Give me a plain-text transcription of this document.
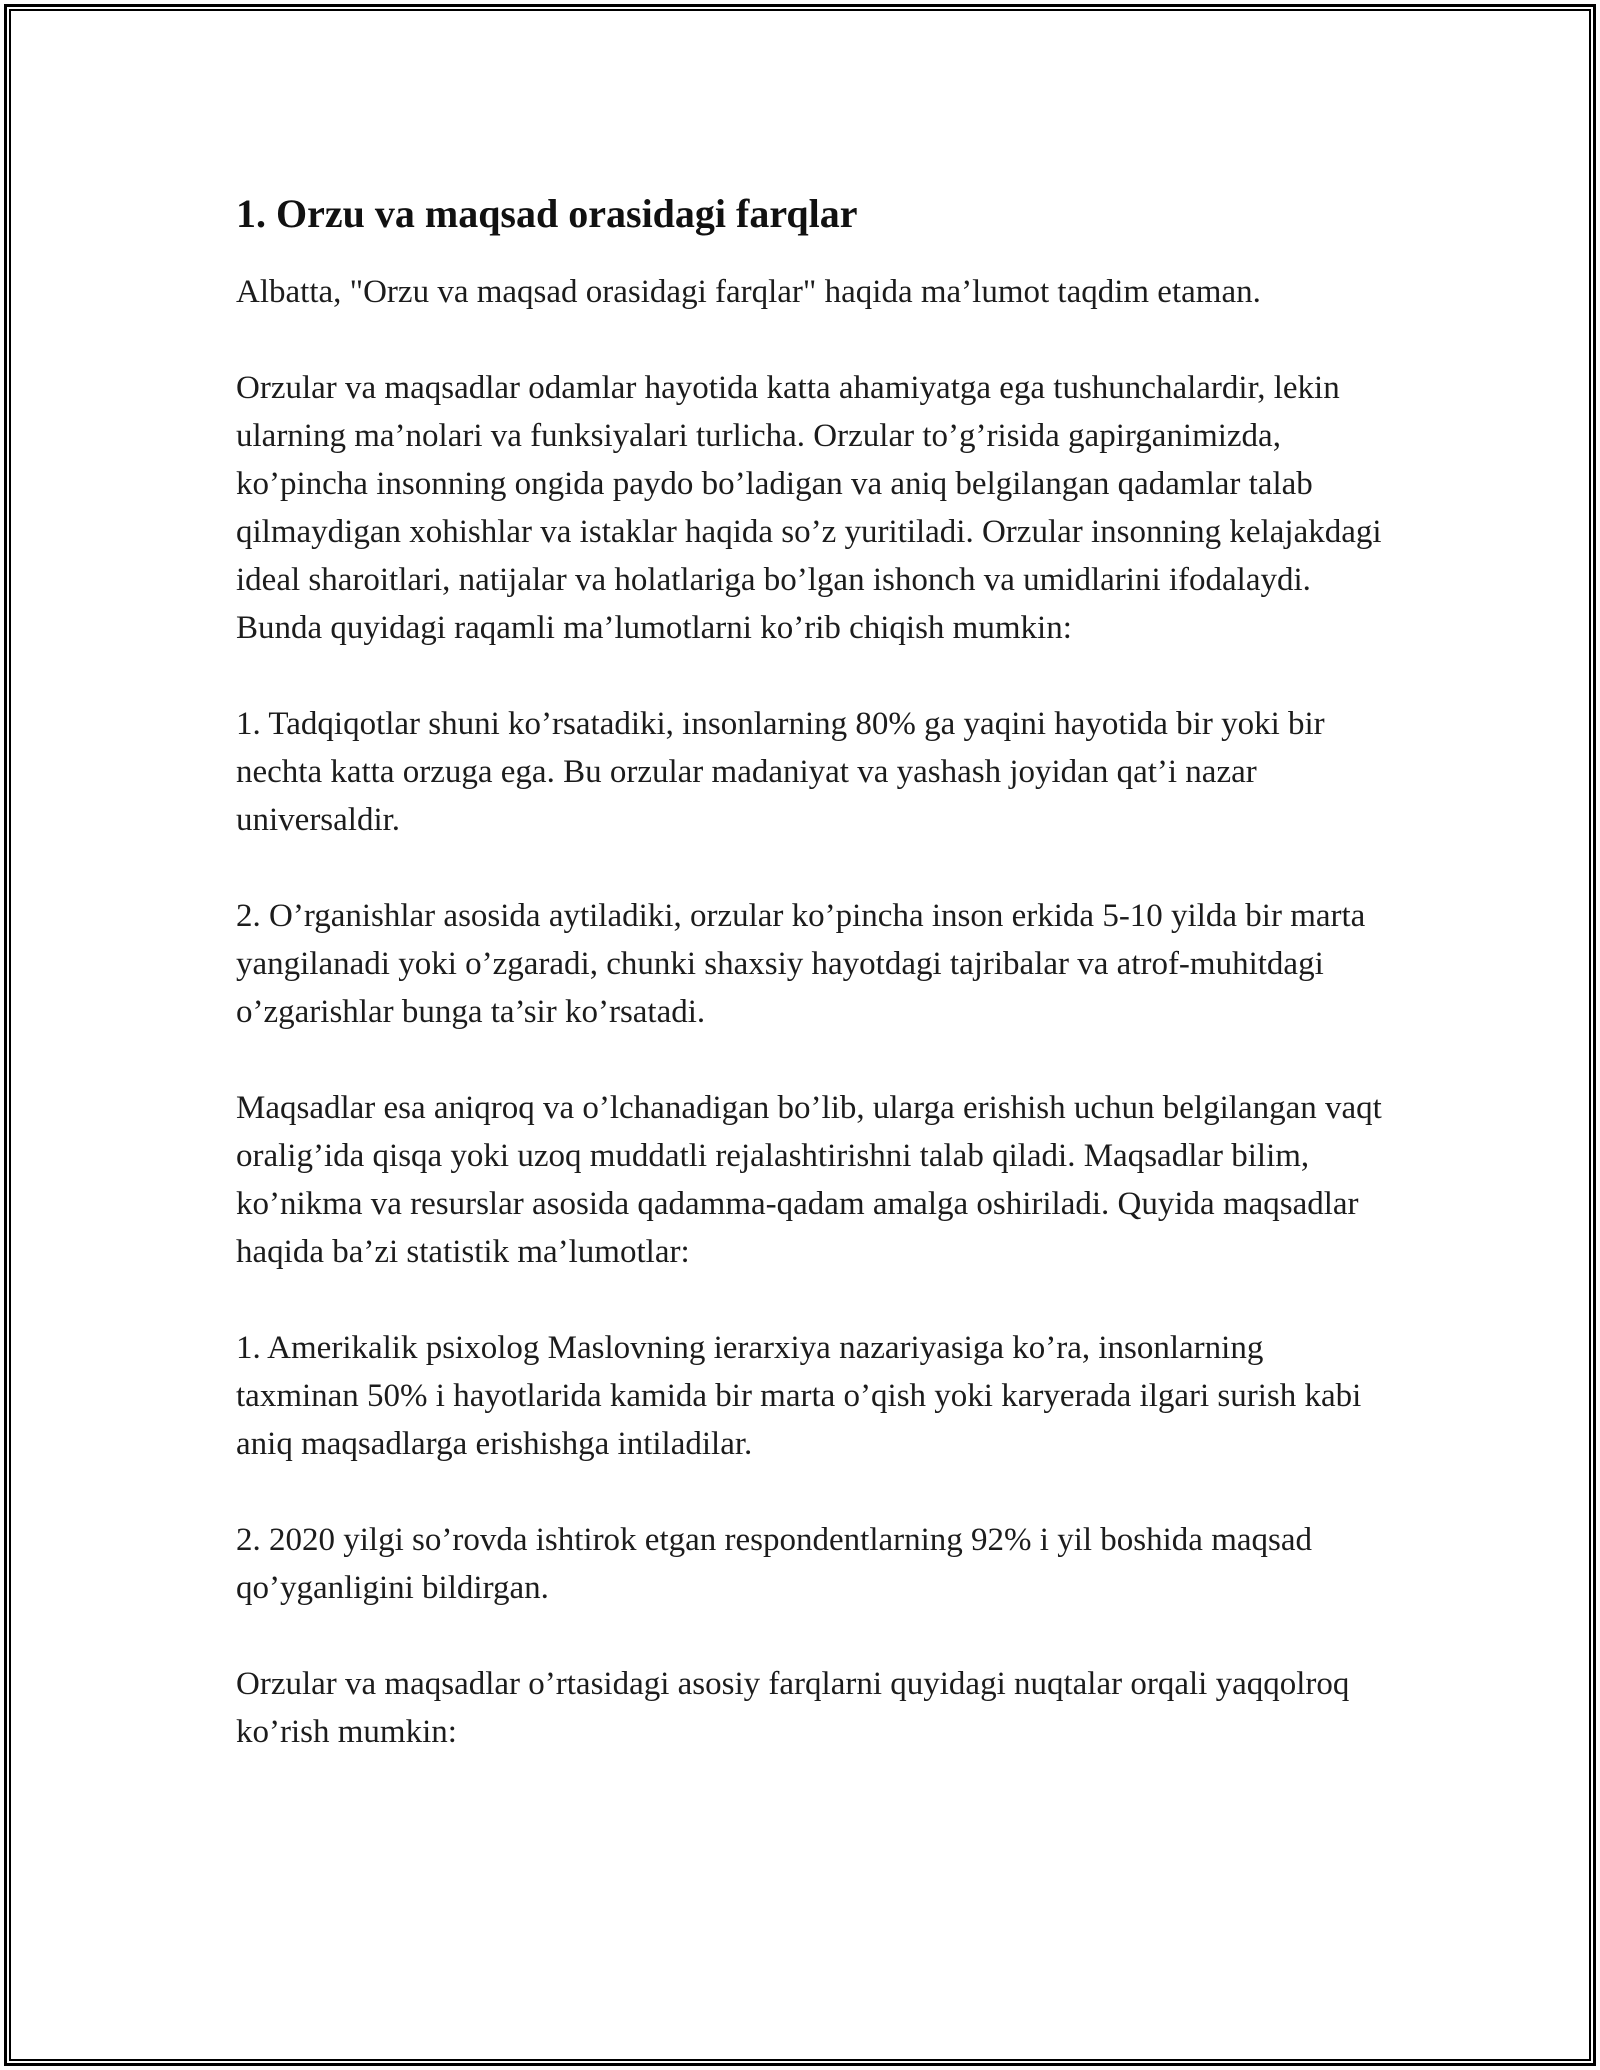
1. Orzu va maqsad orasidagi farqlar

Albatta, "Orzu va maqsad orasidagi farqlar" haqida ma’lumot taqdim etaman.

Orzular va maqsadlar odamlar hayotida katta ahamiyatga ega tushunchalardir, lekin ularning ma’nolari va funksiyalari turlicha. Orzular to’g’risida gapirganimizda, ko’pincha insonning ongida paydo bo’ladigan va aniq belgilangan qadamlar talab qilmaydigan xohishlar va istaklar haqida so’z yuritiladi. Orzular insonning kelajakdagi ideal sharoitlari, natijalar va holatlariga bo’lgan ishonch va umidlarini ifodalaydi. Bunda quyidagi raqamli ma’lumotlarni ko’rib chiqish mumkin:

1. Tadqiqotlar shuni ko’rsatadiki, insonlarning 80% ga yaqini hayotida bir yoki bir nechta katta orzuga ega. Bu orzular madaniyat va yashash joyidan qat’i nazar universaldir.

2. O’rganishlar asosida aytiladiki, orzular ko’pincha inson erkida 5-10 yilda bir marta yangilanadi yoki o’zgaradi, chunki shaxsiy hayotdagi tajribalar va atrof-muhitdagi o’zgarishlar bunga ta’sir ko’rsatadi.

Maqsadlar esa aniqroq va o’lchanadigan bo’lib, ularga erishish uchun belgilangan vaqt oralig’ida qisqa yoki uzoq muddatli rejalashtirishni talab qiladi. Maqsadlar bilim, ko’nikma va resurslar asosida qadamma-qadam amalga oshiriladi. Quyida maqsadlar haqida ba’zi statistik ma’lumotlar:

1. Amerikalik psixolog Maslovning ierarxiya nazariyasiga ko’ra, insonlarning taxminan 50% i hayotlarida kamida bir marta o’qish yoki karyerada ilgari surish kabi aniq maqsadlarga erishishga intiladilar.

2. 2020 yilgi so’rovda ishtirok etgan respondentlarning 92% i yil boshida maqsad qo’yganligini bildirgan.

Orzular va maqsadlar o’rtasidagi asosiy farqlarni quyidagi nuqtalar orqali yaqqolroq ko’rish mumkin:
